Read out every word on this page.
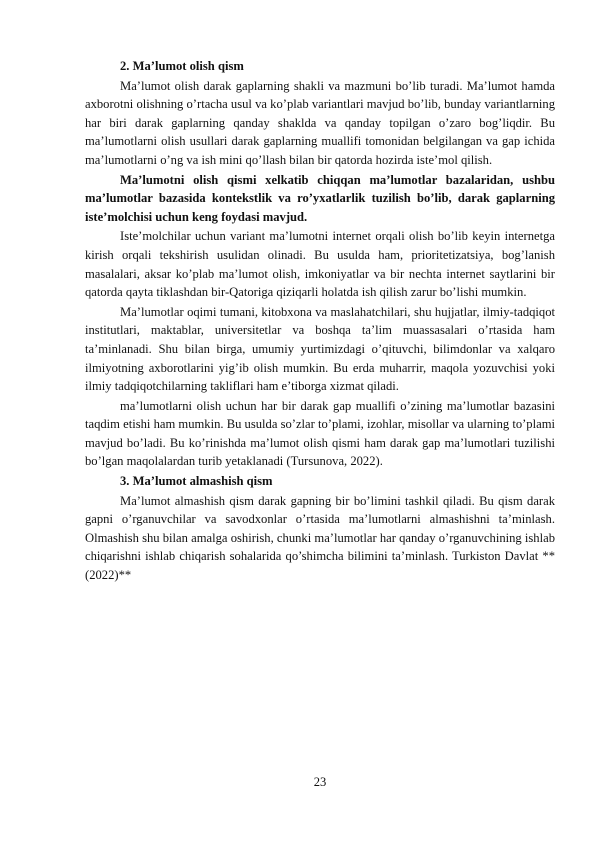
2. Ma’lumot olish qism
Ma’lumot olish darak gaplarning shakli va mazmuni bo’lib turadi. Ma’lumot hamda axborotni olishning o’rtacha usul va ko’plab variantlari mavjud bo’lib, bunday variantlarning har biri darak gaplarning qanday shaklda va qanday topilgan o’zaro bog’liqdir. Bu ma’lumotlarni olish usullari darak gaplarning muallifi tomonidan belgilangan va gap ichida ma’lumotlarni o’ng va ish mini qo’llash bilan bir qatorda hozirda iste’mol qilish.
Ma’lumotni olish qismi xelkatib chiqqan ma’lumotlar bazalaridan, ushbu ma’lumotlar bazasida kontekstlik va ro’yxatlarlik tuzilish bo’lib, darak gaplarning iste’molchisi uchun keng foydasi mavjud.
Iste’molchilar uchun variant ma’lumotni internet orqali olish bo’lib keyin internetga kirish orqali tekshirish usulidan olinadi. Bu usulda ham, prioritetizatsiya, bog’lanish masalalari, aksar ko’plab ma’lumot olish, imkoniyatlar va bir nechta internet saytlarini bir qatorda qayta tiklashdan bir-Qatoriga qiziqarli holatda ish qilish zarur bo’lishi mumkin.
Ma’lumotlar oqimi tumani, kitobxona va maslahatchilari, shu hujjatlar, ilmiy-tadqiqot institutlari, maktablar, universitetlar va boshqa ta’lim muassasalari o’rtasida ham ta’minlanadi. Shu bilan birga, umumiy yurtimizdagi o’qituvchi, bilimdonlar va xalqaro ilmiyotning axborotlarini yig’ib olish mumkin. Bu erda muharrir, maqola yozuvchisi yoki ilmiy tadqiqotchilarning takliflari ham e’tiborga xizmat qiladi.
ma’lumotlarni olish uchun har bir darak gap muallifi o’zining ma’lumotlar bazasini taqdim etishi ham mumkin. Bu usulda so’zlar to’plami, izohlar, misollar va ularning to’plami mavjud bo’ladi. Bu ko’rinishda ma’lumot olish qismi ham darak gap ma’lumotlari tuzilishi bo’lgan maqolalardan turib yetaklanadi (Tursunova, 2022).
3. Ma’lumot almashish qism
Ma’lumot almashish qism darak gapning bir bo’limini tashkil qiladi. Bu qism darak gapni o’rganuvchilar va savodxonlar o’rtasida ma’lumotlarni almashishni ta’minlash. Olmashish shu bilan amalga oshirish, chunki ma’lumotlar har qanday o’rganuvchining ishlab chiqarishni ishlab chiqarish sohalarida qo’shimcha bilimini ta’minlash. Turkiston Davlat **(2022)**
23
